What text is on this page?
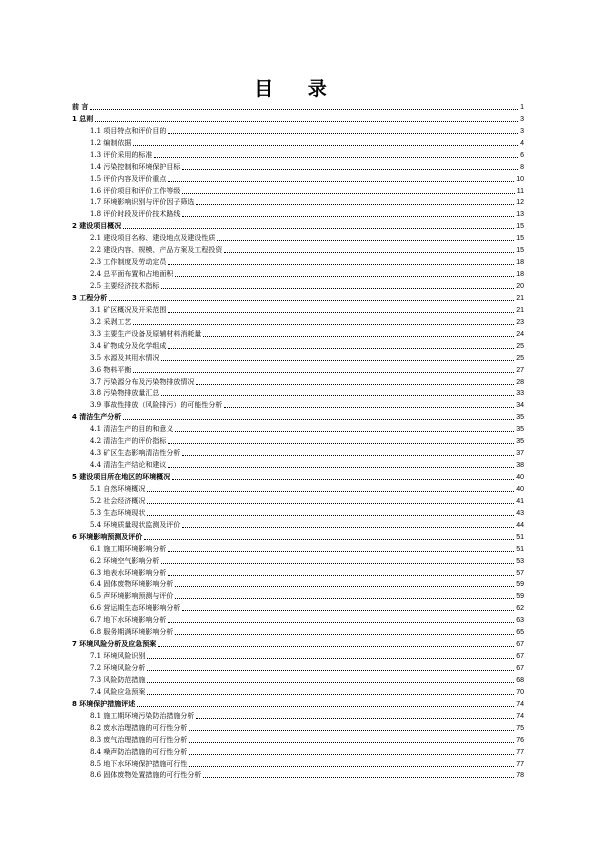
目 录
前 言	1
1 总则	3
1.1 项目特点和评价目的	3
1.2 编制依据	4
1.3 评价采用的标准	6
1.4 污染控制和环境保护目标	8
1.5 评价内容及评价重点	10
1.6 评价项目和评价工作等级	11
1.7 环境影响识别与评价因子筛选	12
1.8 评价时段及评价技术路线	13
2 建设项目概况	15
2.1 建设项目名称、建设地点及建设性质	15
2.2 建设内容、规模、产品方案及工程投资	15
2.3 工作制度及劳动定员	18
2.4 总平面布置和占地面积	18
2.5 主要经济技术指标	20
3 工程分析	21
3.1 矿区概况及开采范围	21
3.2 采剥工艺	23
3.3 主要生产设备及原辅材料消耗量	24
3.4 矿物成分及化学组成	25
3.5 水源及其用水情况	25
3.6 物料平衡	27
3.7 污染源分布及污染物排放情况	28
3.8 污染物排放量汇总	33
3.9 事故性排放（风险排污）的可能性分析	34
4 清洁生产分析	35
4.1 清洁生产的目的和意义	35
4.2 清洁生产的评价指标	35
4.3 矿区生态影响清洁性分析	37
4.4 清洁生产结论和建议	38
5 建设项目所在地区的环境概况	40
5.1 自然环境概况	40
5.2 社会经济概况	41
5.3 生态环境现状	43
5.4 环境质量现状监测及评价	44
6 环境影响预测及评价	51
6.1 施工期环境影响分析	51
6.2 环境空气影响分析	53
6.3 地表水环境影响分析	57
6.4 固体废物环境影响分析	59
6.5 声环境影响预测与评价	59
6.6 营运期生态环境影响分析	62
6.7 地下水环境影响分析	63
6.8 服务期满环境影响分析	65
7 环境风险分析及应急预案	67
7.1 环境风险识别	67
7.2 环境风险分析	67
7.3 风险防范措施	68
7.4 风险应急预案	70
8 环境保护措施评述	74
8.1 施工期环境污染防治措施分析	74
8.2 废水治理措施的可行性分析	75
8.3 废气治理措施的可行性分析	76
8.4 噪声防治措施的可行性分析	77
8.5 地下水环境保护措施可行性	77
8.6 固体废物处置措施的可行性分析	78
